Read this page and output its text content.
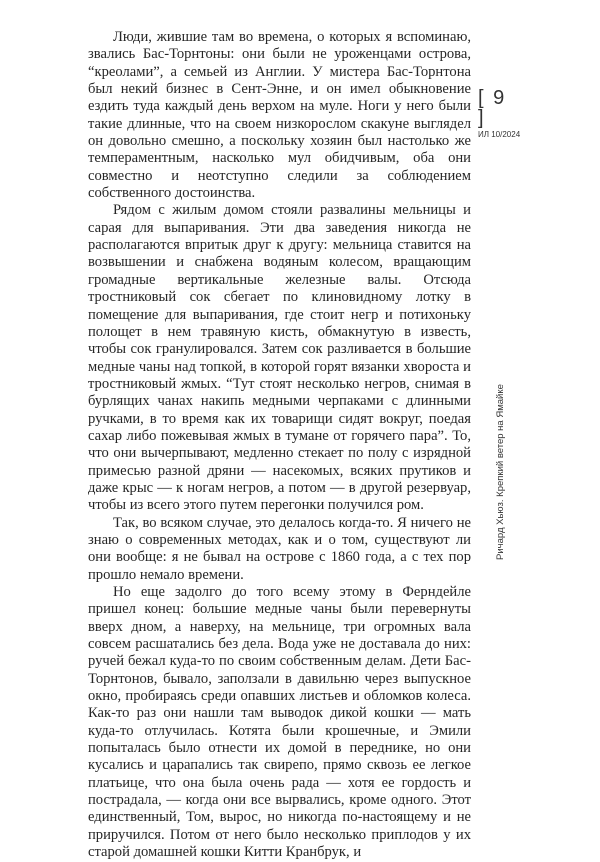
Люди, жившие там во времена, о которых я вспоминаю, звались Бас-Торнтоны: они были не уроженцами острова, “креолами”, а семьей из Англии. У мистера Бас-Торнтона был некий бизнес в Сент-Энне, и он имел обыкновение ездить туда каждый день верхом на муле. Ноги у него были такие длинные, что на своем низкорослом скакуне выглядел он довольно смешно, а поскольку хозяин был настолько же темпераментным, насколько мул обидчивым, оба они совместно и неотступно следили за соблюдением собственного достоинства.

Рядом с жилым домом стояли развалины мельницы и сарая для выпаривания. Эти два заведения никогда не располагаются впритык друг к другу: мельница ставится на возвышении и снабжена водяным колесом, вращающим громадные вертикальные железные валы. Отсюда тростниковый сок сбегает по клиновидному лотку в помещение для выпаривания, где стоит негр и потихоньку полощет в нем травяную кисть, обмакнутую в известь, чтобы сок гранулировался. Затем сок разливается в большие медные чаны над топкой, в которой горят вязанки хвороста и тростниковый жмых. “Тут стоят несколько негров, снимая в бурлящих чанах накипь медными черпаками с длинными ручками, в то время как их товарищи сидят вокруг, поедая сахар либо пожевывая жмых в тумане от горячего пара”. То, что они вычерпывают, медленно стекает по полу с изрядной примесью разной дряни — насекомых, всяких прутиков и даже крыс — к ногам негров, а потом — в другой резервуар, чтобы из всего этого путем перегонки получился ром.

Так, во всяком случае, это делалось когда-то. Я ничего не знаю о современных методах, как и о том, существуют ли они вообще: я не бывал на острове с 1860 года, а с тех пор прошло немало времени.

Но еще задолго до того всему этому в Ферндейле пришел конец: большие медные чаны были перевернуты вверх дном, а наверху, на мельнице, три огромных вала совсем расшатались без дела. Вода уже не доставала до них: ручей бежал куда-то по своим собственным делам. Дети Бас-Торнтонов, бывало, заползали в давильню через выпускное окно, пробираясь среди опавших листьев и обломков колеса. Как-то раз они нашли там выводок дикой кошки — мать куда-то отлучилась. Котята были крошечные, и Эмили попыталась было отнести их домой в переднике, но они кусались и царапались так свирепо, прямо сквозь ее легкое платьице, что она была очень рада — хотя ее гордость и пострадала, — когда они все вырвались, кроме одного. Этот единственный, Том, вырос, но никогда по-настоящему и не приручился. Потом от него было несколько приплодов у их старой домашней кошки Китти Кранбрук, и

[ 9 ]
ИЛ 10/2024
Ричард Хьюз. Крепкий ветер на Ямайке
